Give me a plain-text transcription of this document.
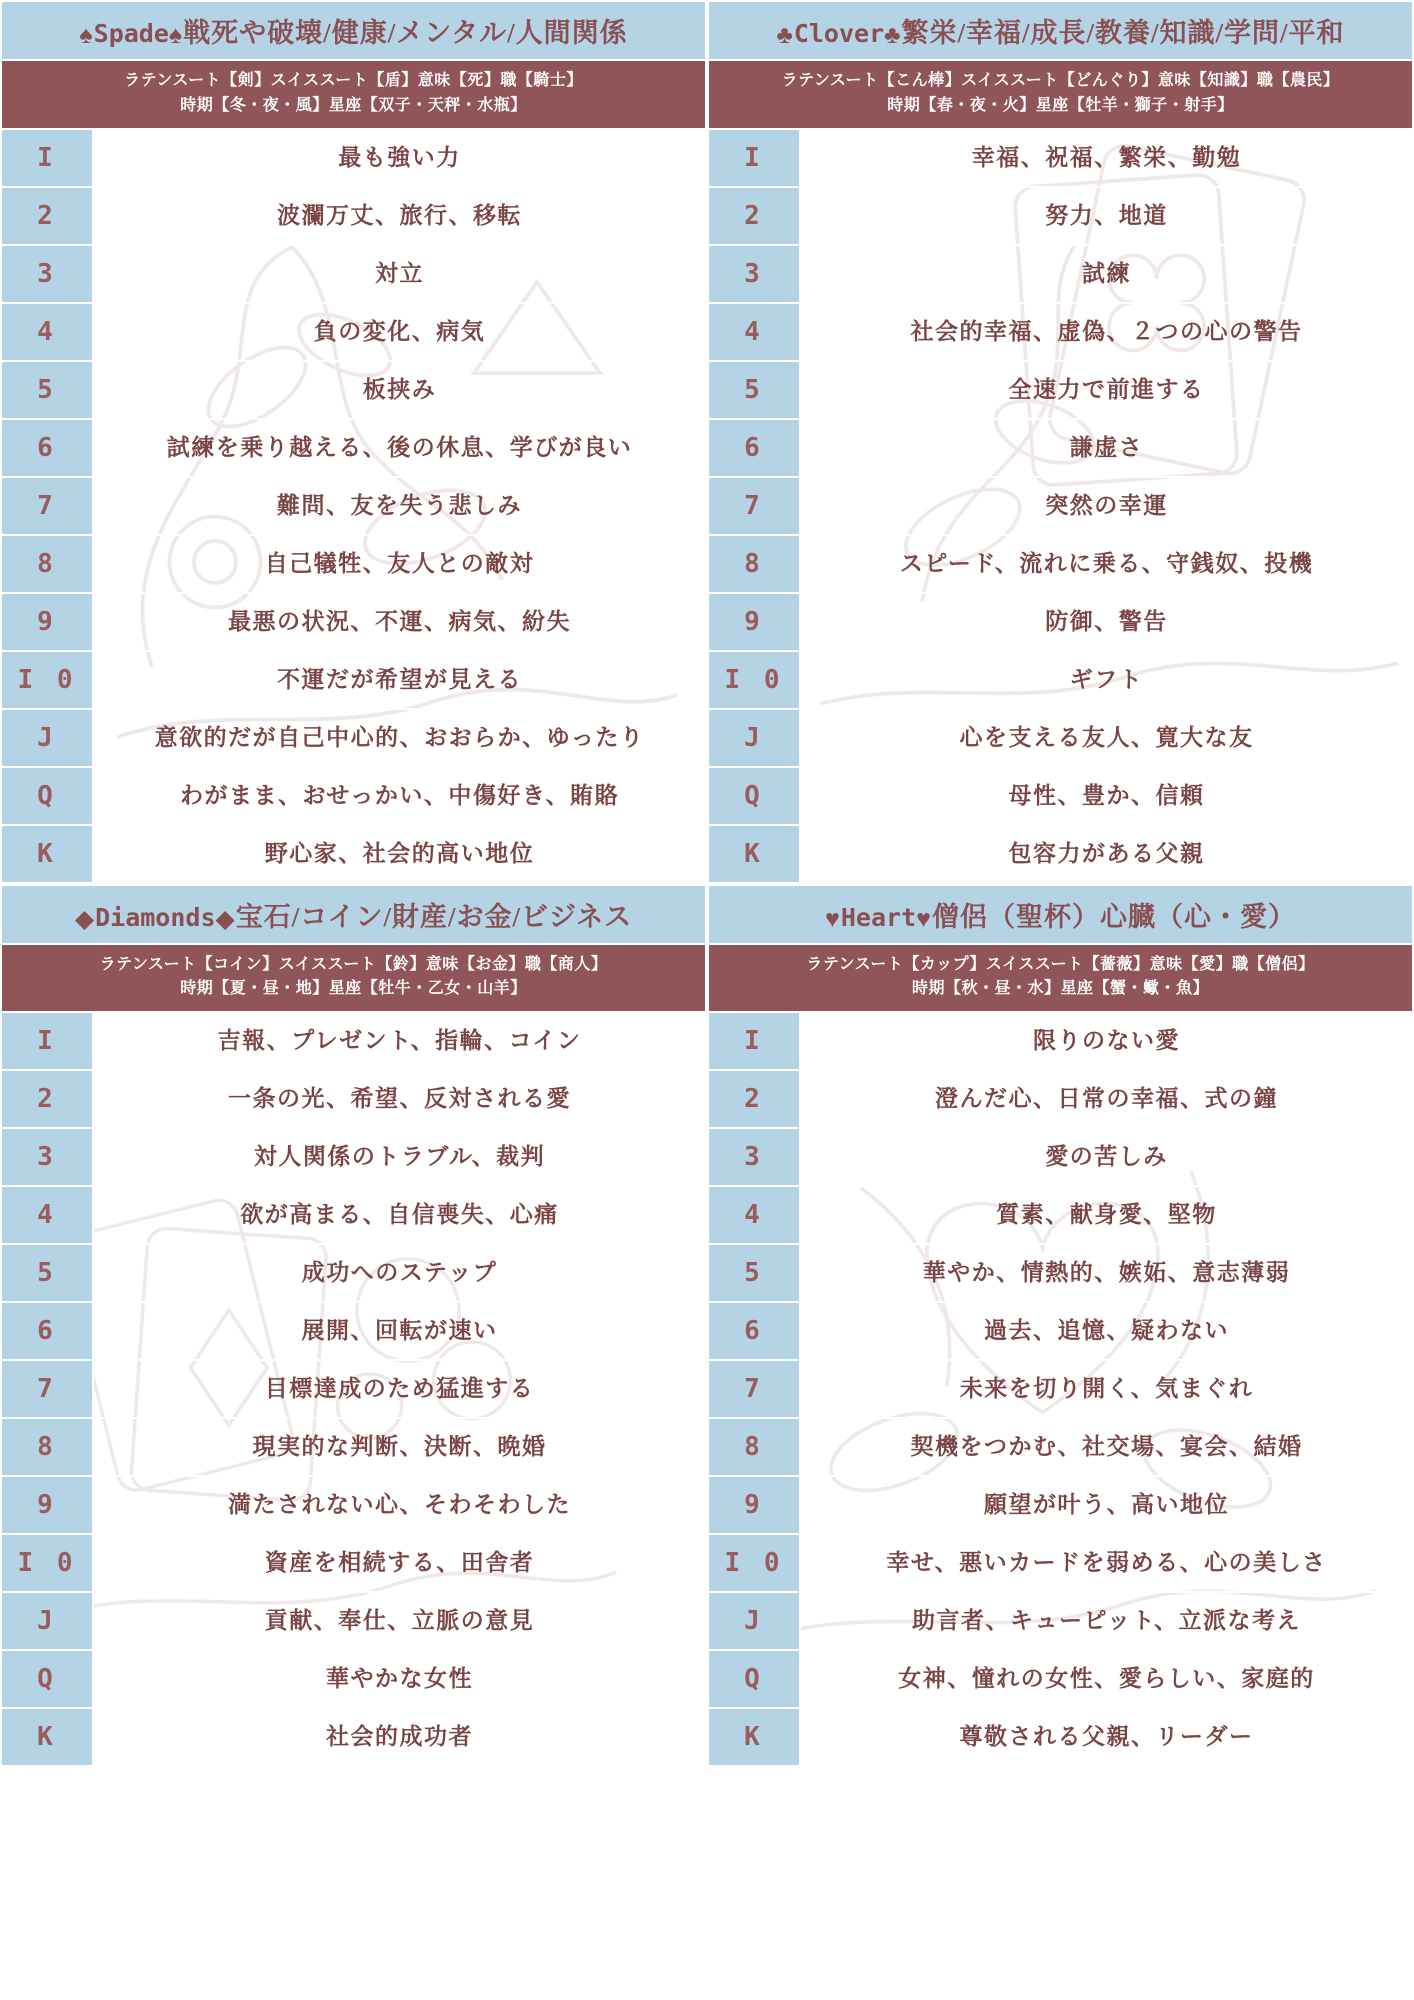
♠Spade♠戦死や破壊/健康/メンタル/人間関係
ラテンスート【剣】スイススート【盾】意味【死】職【騎士】
時期【冬・夜・風】星座【双子・天秤・水瓶】
I	最も強い力
2	波瀾万丈、旅行、移転
3	対立
4	負の変化、病気
5	板挟み
6	試練を乗り越える、後の休息、学びが良い
7	難問、友を失う悲しみ
8	自己犠牲、友人との敵対
9	最悪の状況、不運、病気、紛失
I 0	不運だが希望が見える
J	意欲的だが自己中心的、おおらか、ゆったり
Q	わがまま、おせっかい、中傷好き、賄賂
K	野心家、社会的高い地位
♣Clover♣繁栄/幸福/成長/教養/知識/学問/平和
ラテンスート【こん棒】スイススート【どんぐり】意味【知識】職【農民】
時期【春・夜・火】星座【牡羊・獅子・射手】
I	幸福、祝福、繁栄、勤勉
2	努力、地道
3	試練
4	社会的幸福、虚偽、２つの心の警告
5	全速力で前進する
6	謙虚さ
7	突然の幸運
8	スピード、流れに乗る、守銭奴、投機
9	防御、警告
I 0	ギフト
J	心を支える友人、寛大な友
Q	母性、豊か、信頼
K	包容力がある父親
◆Diamonds◆宝石/コイン/財産/お金/ビジネス
ラテンスート【コイン】スイススート【鈴】意味【お金】職【商人】
時期【夏・昼・地】星座【牡牛・乙女・山羊】
I	吉報、プレゼント、指輪、コイン
2	一条の光、希望、反対される愛
3	対人関係のトラブル、裁判
4	欲が高まる、自信喪失、心痛
5	成功へのステップ
6	展開、回転が速い
7	目標達成のため猛進する
8	現実的な判断、決断、晩婚
9	満たされない心、そわそわした
I 0	資産を相続する、田舎者
J	貢献、奉仕、立脈の意見
Q	華やかな女性
K	社会的成功者
♥Heart♥僧侶（聖杯）心臓（心・愛）
ラテンスート【カップ】スイススート【薔薇】意味【愛】職【僧侶】
時期【秋・昼・水】星座【蟹・蠍・魚】
I	限りのない愛
2	澄んだ心、日常の幸福、式の鐘
3	愛の苦しみ
4	質素、献身愛、堅物
5	華やか、情熱的、嫉妬、意志薄弱
6	過去、追憶、疑わない
7	未来を切り開く、気まぐれ
8	契機をつかむ、社交場、宴会、結婚
9	願望が叶う、高い地位
I 0	幸せ、悪いカードを弱める、心の美しさ
J	助言者、キューピット、立派な考え
Q	女神、憧れの女性、愛らしい、家庭的
K	尊敬される父親、リーダー
